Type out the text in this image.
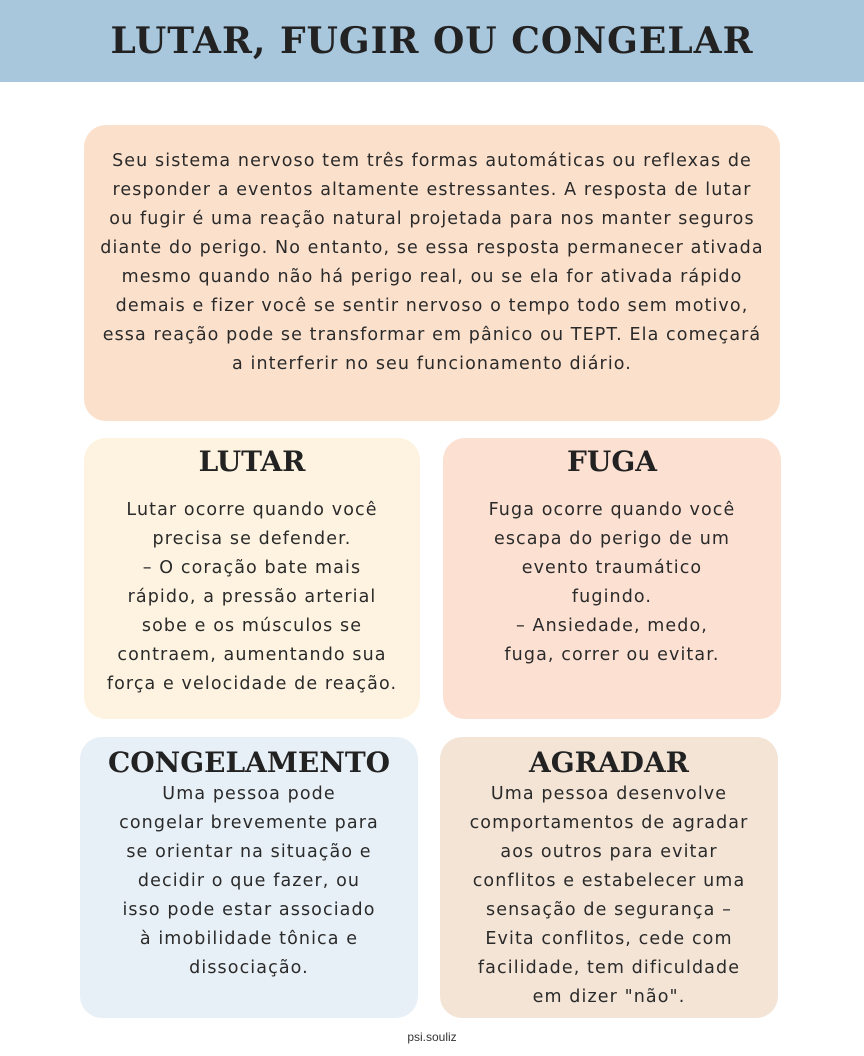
LUTAR, FUGIR OU CONGELAR

Seu sistema nervoso tem três formas automáticas ou reflexas de responder a eventos altamente estressantes. A resposta de lutar ou fugir é uma reação natural projetada para nos manter seguros diante do perigo. No entanto, se essa resposta permanecer ativada mesmo quando não há perigo real, ou se ela for ativada rápido demais e fizer você se sentir nervoso o tempo todo sem motivo, essa reação pode se transformar em pânico ou TEPT. Ela começará a interferir no seu funcionamento diário.

LUTAR

Lutar ocorre quando você
precisa se defender.
– O coração bate mais
rápido, a pressão arterial
sobe e os músculos se
contraem, aumentando sua
força e velocidade de reação.

FUGA

Fuga ocorre quando você
escapa do perigo de um
evento traumático
fugindo.
– Ansiedade, medo,
fuga, correr ou evitar.

CONGELAMENTO

Uma pessoa pode
congelar brevemente para
se orientar na situação e
decidir o que fazer, ou
isso pode estar associado
à imobilidade tônica e
dissociação.

AGRADAR

Uma pessoa desenvolve
comportamentos de agradar
aos outros para evitar
conflitos e estabelecer uma
sensação de segurança –
Evita conflitos, cede com
facilidade, tem dificuldade
em dizer "não".

psi.souliz
